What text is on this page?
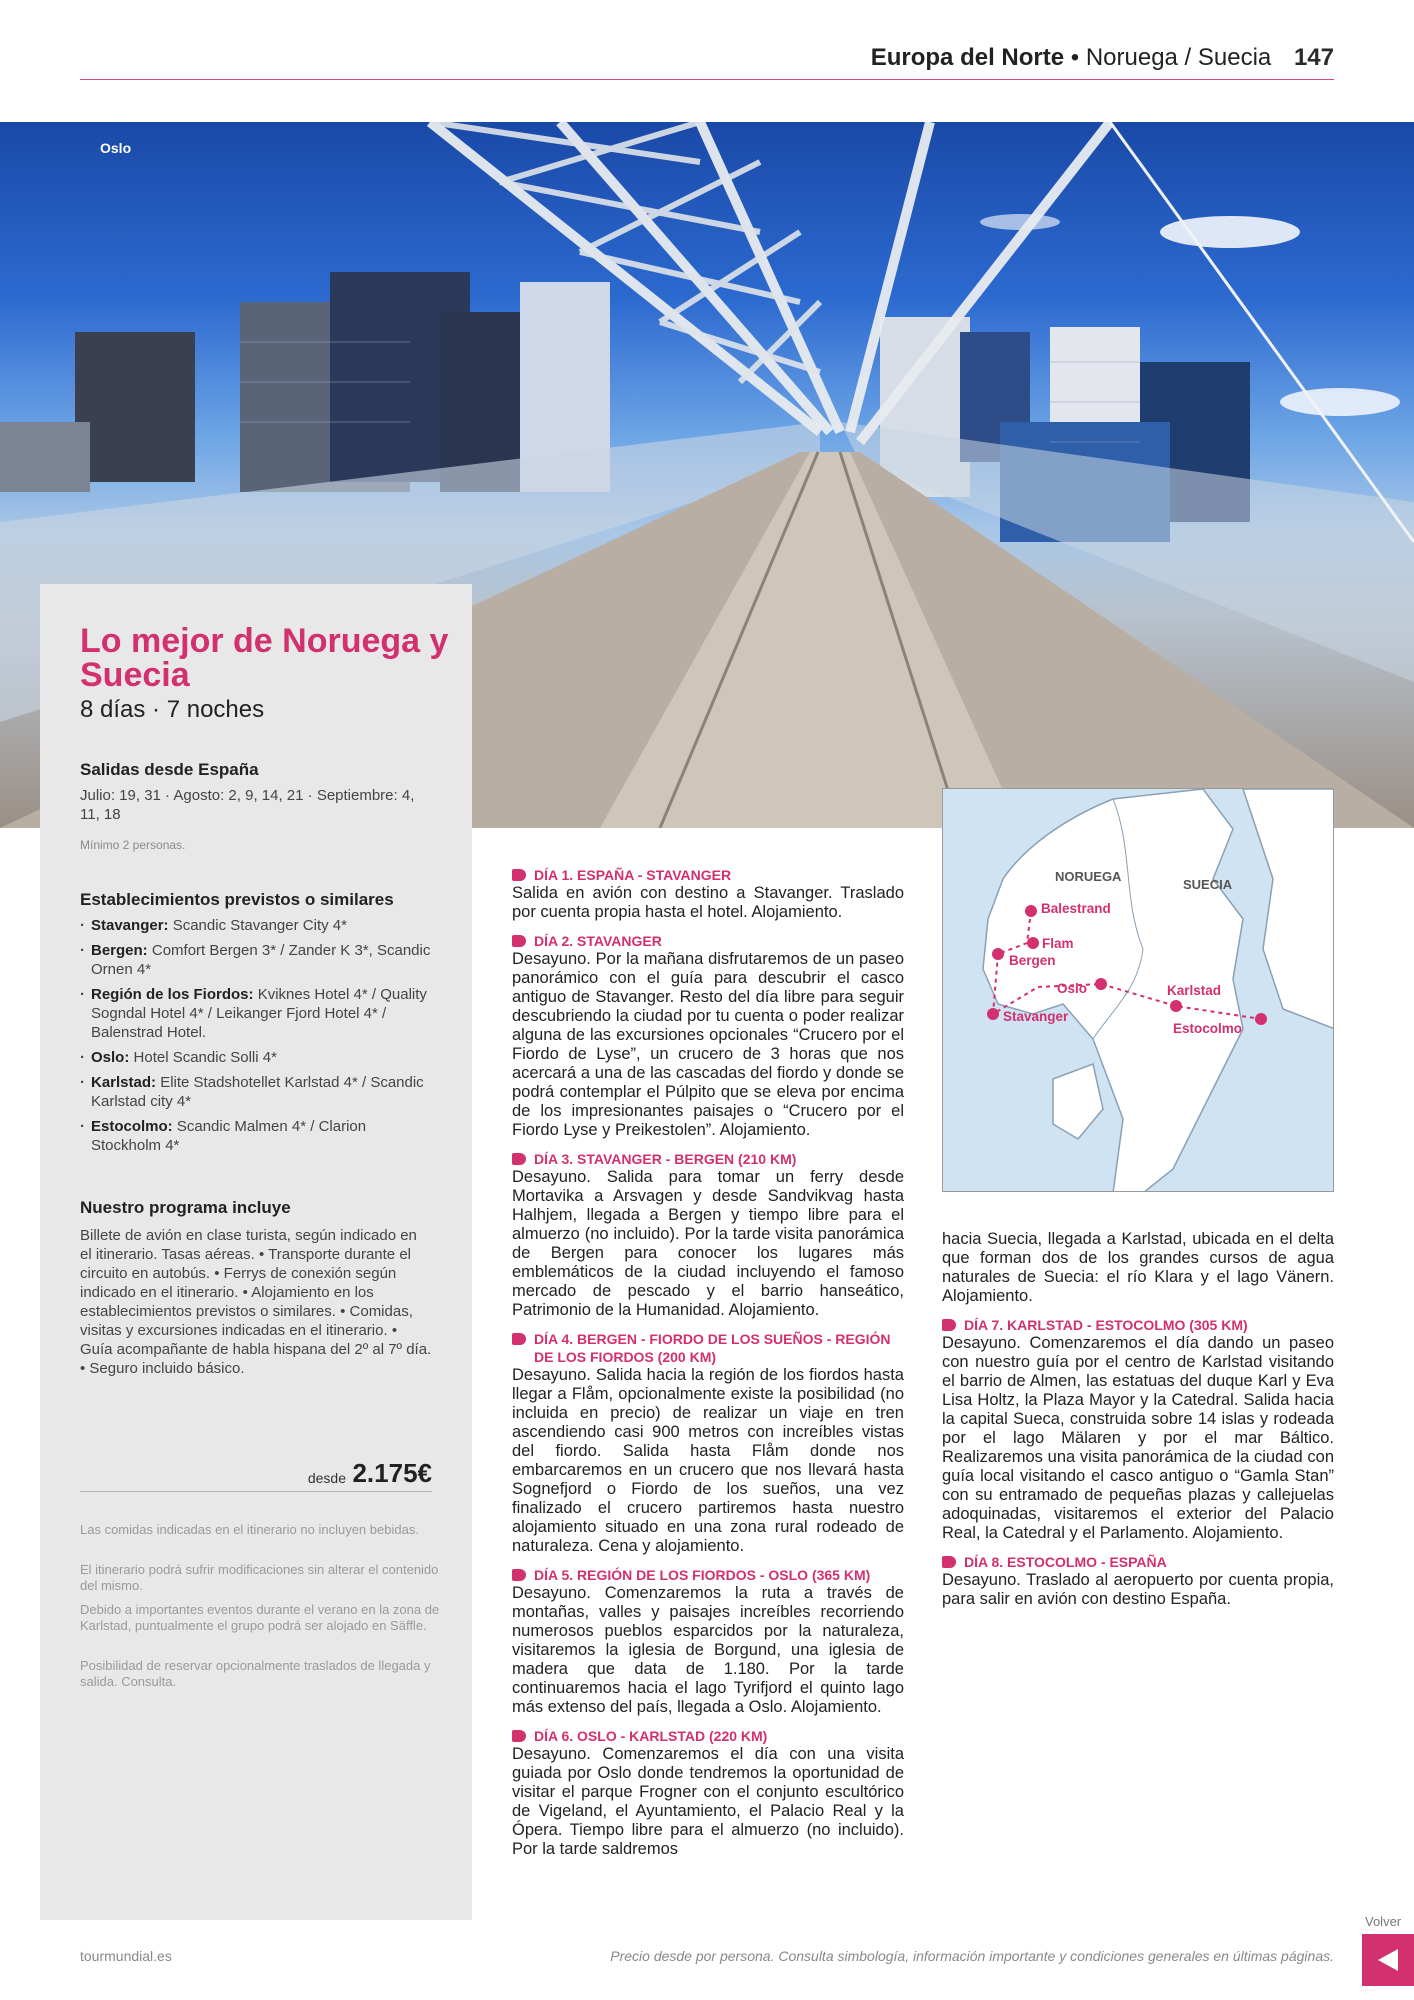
Europa del Norte • Noruega / Suecia 147
Oslo
Lo mejor de Noruega y Suecia
8 días · 7 noches
Salidas desde España
Julio: 19, 31 · Agosto: 2, 9, 14, 21 · Septiembre: 4, 11, 18
Mínimo 2 personas.
Establecimientos previstos o similares
· Stavanger: Scandic Stavanger City 4*
· Bergen: Comfort Bergen 3* / Zander K 3*, Scandic Ornen 4*
· Región de los Fiordos: Kviknes Hotel 4* / Quality Sogndal Hotel 4* / Leikanger Fjord Hotel 4* / Balenstrad Hotel.
· Oslo: Hotel Scandic Solli 4*
· Karlstad: Elite Stadshotellet Karlstad 4* / Scandic Karlstad city 4*
· Estocolmo: Scandic Malmen 4* / Clarion Stockholm 4*
Nuestro programa incluye
Billete de avión en clase turista, según indicado en el itinerario. Tasas aéreas. • Transporte durante el circuito en autobús. • Ferrys de conexión según indicado en el itinerario. • Alojamiento en los establecimientos previstos o similares. • Comidas, visitas y excursiones indicadas en el itinerario. • Guía acompañante de habla hispana del 2º al 7º día. • Seguro incluido básico.
desde 2.175€
Las comidas indicadas en el itinerario no incluyen bebidas.
El itinerario podrá sufrir modificaciones sin alterar el contenido del mismo.
Debido a importantes eventos durante el verano en la zona de Karlstad, puntualmente el grupo podrá ser alojado en Säffle.
Posibilidad de reservar opcionalmente traslados de llegada y salida. Consulta.
DÍA 1. ESPAÑA - STAVANGER
Salida en avión con destino a Stavanger. Traslado por cuenta propia hasta el hotel. Alojamiento.
DÍA 2. STAVANGER
Desayuno. Por la mañana disfrutaremos de un paseo panorámico con el guía para descubrir el casco antiguo de Stavanger. Resto del día libre para seguir descubriendo la ciudad por tu cuenta o poder realizar alguna de las excursiones opcionales “Crucero por el Fiordo de Lyse”, un crucero de 3 horas que nos acercará a una de las cascadas del fiordo y donde se podrá contemplar el Púlpito que se eleva por encima de los impresionantes paisajes o “Crucero por el Fiordo Lyse y Preikestolen”. Alojamiento.
DÍA 3. STAVANGER - BERGEN (210 KM)
Desayuno. Salida para tomar un ferry desde Mortavika a Arsvagen y desde Sandvikvag hasta Halhjem, llegada a Bergen y tiempo libre para el almuerzo (no incluido). Por la tarde visita panorámica de Bergen para conocer los lugares más emblemáticos de la ciudad incluyendo el famoso mercado de pescado y el barrio hanseático, Patrimonio de la Humanidad. Alojamiento.
DÍA 4. BERGEN - FIORDO DE LOS SUEÑOS - REGIÓN DE LOS FIORDOS (200 KM)
Desayuno. Salida hacia la región de los fiordos hasta llegar a Flåm, opcionalmente existe la posibilidad (no incluida en precio) de realizar un viaje en tren ascendiendo casi 900 metros con increíbles vistas del fiordo. Salida hasta Flåm donde nos embarcaremos en un crucero que nos llevará hasta Sognefjord o Fiordo de los sueños, una vez finalizado el crucero partiremos hasta nuestro alojamiento situado en una zona rural rodeado de naturaleza. Cena y alojamiento.
DÍA 5. REGIÓN DE LOS FIORDOS - OSLO (365 KM)
Desayuno. Comenzaremos la ruta a través de montañas, valles y paisajes increíbles recorriendo numerosos pueblos esparcidos por la naturaleza, visitaremos la iglesia de Borgund, una iglesia de madera que data de 1.180. Por la tarde continuaremos hacia el lago Tyrifjord el quinto lago más extenso del país, llegada a Oslo. Alojamiento.
DÍA 6. OSLO - KARLSTAD (220 KM)
Desayuno. Comenzaremos el día con una visita guiada por Oslo donde tendremos la oportunidad de visitar el parque Frogner con el conjunto escultórico de Vigeland, el Ayuntamiento, el Palacio Real y la Ópera. Tiempo libre para el almuerzo (no incluido). Por la tarde saldremos
NORUEGA
SUECIA
Balestrand
Flam
Bergen
Oslo	Karlstad
Stavanger
Estocolmo
hacia Suecia, llegada a Karlstad, ubicada en el delta que forman dos de los grandes cursos de agua naturales de Suecia: el río Klara y el lago Vänern. Alojamiento.
DÍA 7. KARLSTAD - ESTOCOLMO (305 KM)
Desayuno. Comenzaremos el día dando un paseo con nuestro guía por el centro de Karlstad visitando el barrio de Almen, las estatuas del duque Karl y Eva Lisa Holtz, la Plaza Mayor y la Catedral. Salida hacia la capital Sueca, construida sobre 14 islas y rodeada por el lago Mälaren y por el mar Báltico. Realizaremos una visita panorámica de la ciudad con guía local visitando el casco antiguo o “Gamla Stan” con su entramado de pequeñas plazas y callejuelas adoquinadas, visitaremos el exterior del Palacio Real, la Catedral y el Parlamento. Alojamiento.
DÍA 8. ESTOCOLMO - ESPAÑA
Desayuno. Traslado al aeropuerto por cuenta propia, para salir en avión con destino España.
tourmundial.es	Precio desde por persona. Consulta simbología, información importante y condiciones generales en últimas páginas.
Volver
